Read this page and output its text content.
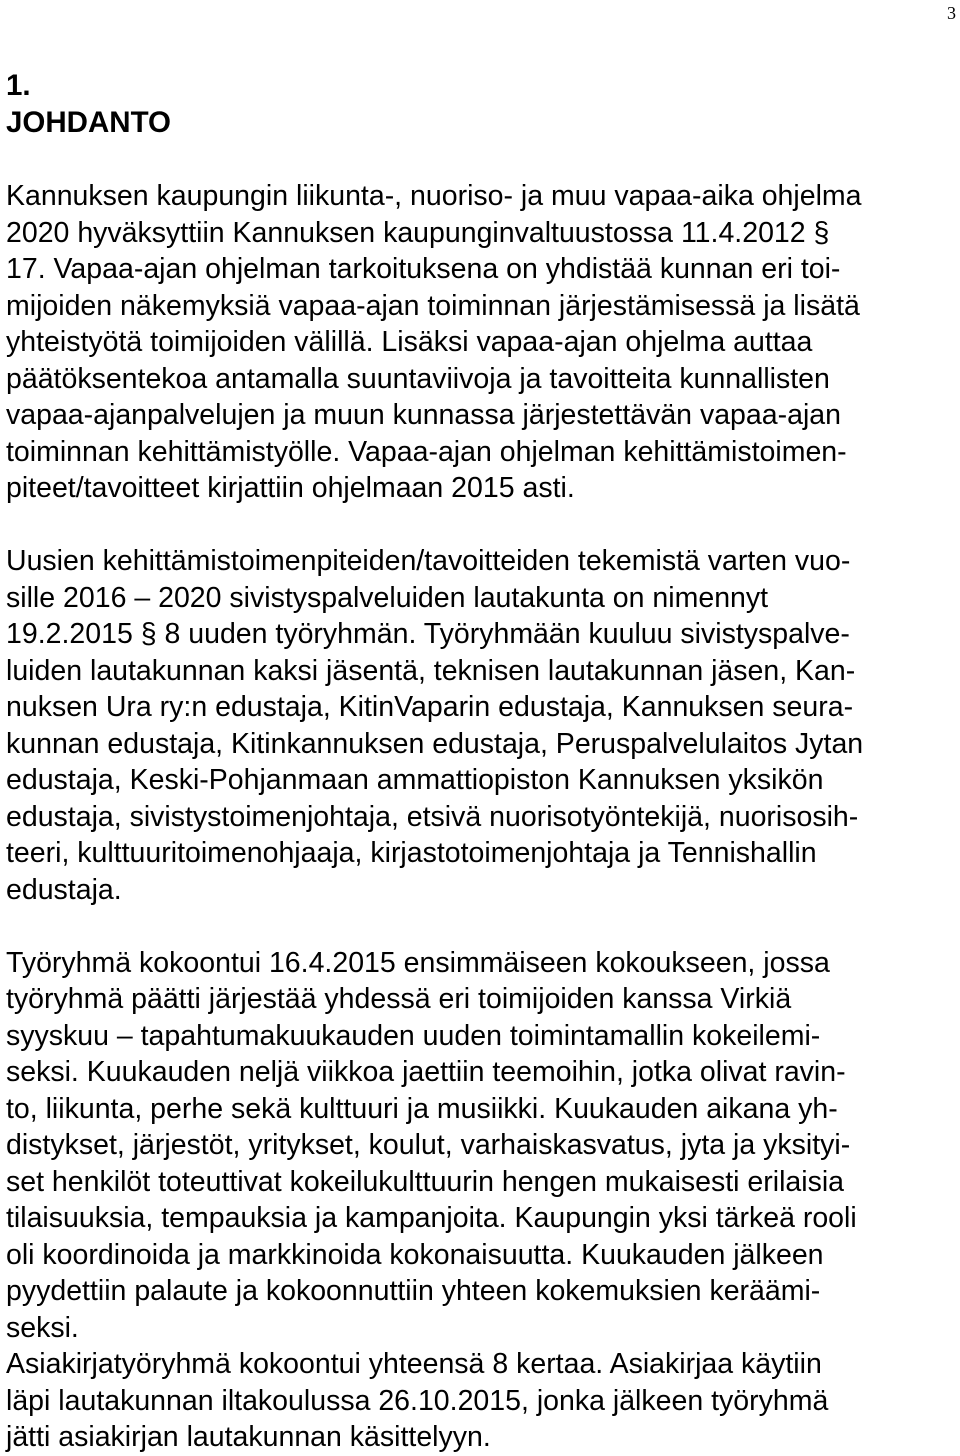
3
1.
JOHDANTO
Kannuksen kaupungin liikunta-, nuoriso- ja muu vapaa-aika ohjelma
2020 hyväksyttiin Kannuksen kaupunginvaltuustossa 11.4.2012 §
17. Vapaa-ajan ohjelman tarkoituksena on yhdistää kunnan eri toi-
mijoiden näkemyksiä vapaa-ajan toiminnan järjestämisessä ja lisätä
yhteistyötä toimijoiden välillä. Lisäksi vapaa-ajan ohjelma auttaa
päätöksentekoa antamalla suuntaviivoja ja tavoitteita kunnallisten
vapaa-ajanpalvelujen ja muun kunnassa järjestettävän vapaa-ajan
toiminnan kehittämistyölle. Vapaa-ajan ohjelman kehittämistoimen-
piteet/tavoitteet kirjattiin ohjelmaan 2015 asti.
Uusien kehittämistoimenpiteiden/tavoitteiden tekemistä varten vuo-
sille 2016 – 2020 sivistyspalveluiden lautakunta on nimennyt
19.2.2015 § 8 uuden työryhmän. Työryhmään kuuluu sivistyspalve-
luiden lautakunnan kaksi jäsentä, teknisen lautakunnan jäsen, Kan-
nuksen Ura ry:n edustaja, KitinVaparin edustaja, Kannuksen seura-
kunnan edustaja, Kitinkannuksen edustaja, Peruspalvelulaitos Jytan
edustaja, Keski-Pohjanmaan ammattiopiston Kannuksen yksikön
edustaja, sivistystoimenjohtaja, etsivä nuorisotyöntekijä, nuorisosih-
teeri, kulttuuritoimenohjaaja, kirjastotoimenjohtaja ja Tennishallin
edustaja.
Työryhmä kokoontui 16.4.2015 ensimmäiseen kokoukseen, jossa
työryhmä päätti järjestää yhdessä eri toimijoiden kanssa Virkiä
syyskuu – tapahtumakuukauden uuden toimintamallin kokeilemi-
seksi. Kuukauden neljä viikkoa jaettiin teemoihin, jotka olivat ravin-
to, liikunta, perhe sekä kulttuuri ja musiikki. Kuukauden aikana yh-
distykset, järjestöt, yritykset, koulut, varhaiskasvatus, jyta ja yksityi-
set henkilöt toteuttivat kokeilukulttuurin hengen mukaisesti erilaisia
tilaisuuksia, tempauksia ja kampanjoita. Kaupungin yksi tärkeä rooli
oli koordinoida ja markkinoida kokonaisuutta. Kuukauden jälkeen
pyydettiin palaute ja kokoonnuttiin yhteen kokemuksien keräämi-
seksi.
Asiakirjatyöryhmä kokoontui yhteensä 8 kertaa. Asiakirjaa käytiin
läpi lautakunnan iltakoulussa 26.10.2015, jonka jälkeen työryhmä
jätti asiakirjan lautakunnan käsittelyyn.
